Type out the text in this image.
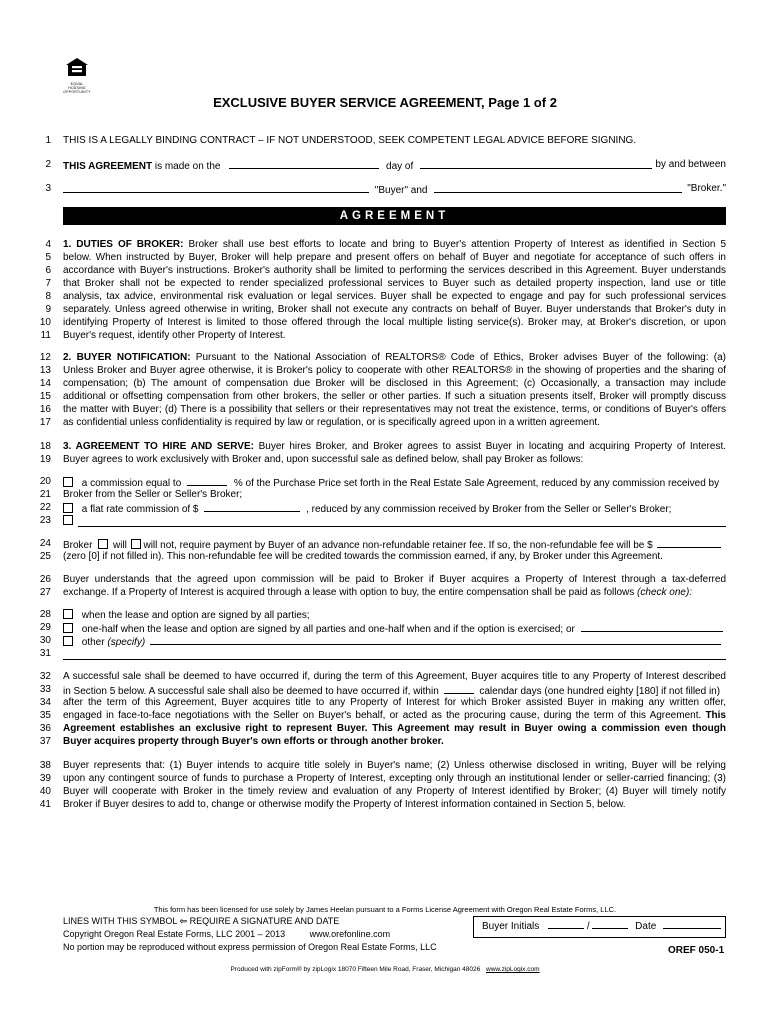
EQUAL HOUSING
OPPORTUNITY
EXCLUSIVE BUYER SERVICE AGREEMENT, Page 1 of 2
1 THIS IS A LEGALLY BINDING CONTRACT – IF NOT UNDERSTOOD, SEEK COMPETENT LEGAL ADVICE BEFORE SIGNING.
2 THIS AGREEMENT is made on the	day of	by and between
3	"Buyer" and	"Broker."
AGREEMENT
4 1. DUTIES OF BROKER: Broker shall use best efforts to locate and bring to Buyer's attention Property of Interest as identified in Section 5
5 below. When instructed by Buyer, Broker will help prepare and present offers on behalf of Buyer and negotiate for acceptance of such offers in
6 accordance with Buyer's instructions. Broker's authority shall be limited to performing the services described in this Agreement. Buyer understands
7 that Broker shall not be expected to render specialized professional services to Buyer such as detailed property inspection, land use or title
8 analysis, tax advice, environmental risk evaluation or legal services. Buyer shall be expected to engage and pay for such professional services
9 separately. Unless agreed otherwise in writing, Broker shall not execute any contracts on behalf of Buyer. Buyer understands that Broker's duty in
10 identifying Property of Interest is limited to those offered through the local multiple listing service(s). Broker may, at Broker's discretion, or upon
11 Buyer's request, identify other Property of Interest.
12 2. BUYER NOTIFICATION: Pursuant to the National Association of REALTORS® Code of Ethics, Broker advises Buyer of the following: (a)
13 Unless Broker and Buyer agree otherwise, it is Broker's policy to cooperate with other REALTORS® in the showing of properties and the sharing of
14 compensation; (b) The amount of compensation due Broker will be disclosed in this Agreement; (c) Occasionally, a transaction may include
15 additional or offsetting compensation from other brokers, the seller or other parties. If such a situation presents itself, Broker will promptly discuss
16 the matter with Buyer; (d) There is a possibility that sellers or their representatives may not treat the existence, terms, or conditions of Buyer's offers
17 as confidential unless confidentiality is required by law or regulation, or is specifically agreed upon in a written agreement.
18 3. AGREEMENT TO HIRE AND SERVE: Buyer hires Broker, and Broker agrees to assist Buyer in locating and acquiring Property of Interest.
19 Buyer agrees to work exclusively with Broker and, upon successful sale as defined below, shall pay Broker as follows:
20	a commission equal to	% of the Purchase Price set forth in the Real Estate Sale Agreement, reduced by any commission received by
21 Broker from the Seller or Seller's Broker;
22	a flat rate commission of $	, reduced by any commission received by Broker from the Seller or Seller's Broker;
23
24 Broker will will not, require payment by Buyer of an advance non-refundable retainer fee. If so, the non-refundable fee will be $
25 (zero [0] if not filled in). This non-refundable fee will be credited towards the commission earned, if any, by Broker under this Agreement.
26 Buyer understands that the agreed upon commission will be paid to Broker if Buyer acquires a Property of Interest through a tax-deferred
27 exchange. If a Property of Interest is acquired through a lease with option to buy, the entire compensation shall be paid as follows (check one):
28	when the lease and option are signed by all parties;
29	one-half when the lease and option are signed by all parties and one-half when and if the option is exercised; or
30	other (specify)
31
32 A successful sale shall be deemed to have occurred if, during the term of this Agreement, Buyer acquires title to any Property of Interest described
33 in Section 5 below. A successful sale shall also be deemed to have occurred if, within	calendar days (one hundred eighty [180] if not filled in)
34 after the term of this Agreement, Buyer acquires title to any Property of Interest for which Broker assisted Buyer in making any written offer,
35 engaged in face-to-face negotiations with the Seller on Buyer's behalf, or acted as the procuring cause, during the term of this Agreement. This
36 Agreement establishes an exclusive right to represent Buyer. This Agreement may result in Buyer owing a commission even though
37 Buyer acquires property through Buyer's own efforts or through another broker.
38 Buyer represents that: (1) Buyer intends to acquire title solely in Buyer's name; (2) Unless otherwise disclosed in writing, Buyer will be relying
39 upon any contingent source of funds to purchase a Property of Interest, excepting only through an institutional lender or seller-carried financing; (3)
40 Buyer will cooperate with Broker in the timely review and evaluation of any Property of Interest identified by Broker; (4) Buyer will timely notify
41 Broker if Buyer desires to add to, change or otherwise modify the Property of Interest information contained in Section 5, below.
This form has been licensed for use solely by James Heelan pursuant to a Forms License Agreement with Oregon Real Estate Forms, LLC.
LINES WITH THIS SYMBOL ⇦ REQUIRE A SIGNATURE AND DATE
Copyright Oregon Real Estate Forms, LLC 2001 – 2013	www.orefonline.com
No portion may be reproduced without express permission of Oregon Real Estate Forms, LLC
Buyer Initials	/	Date
OREF 050-1
Produced with zipForm® by zipLogix 18070 Fifteen Mile Road, Fraser, Michigan 48026 www.zipLogix.com
